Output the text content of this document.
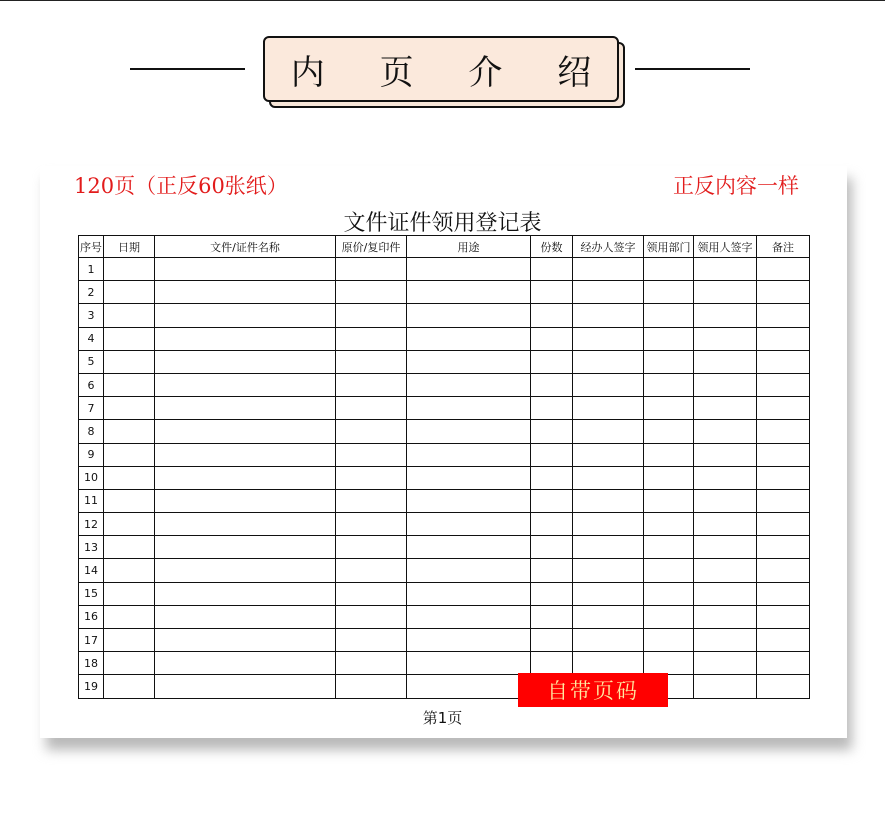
内 页 介 绍
120页（正反60张纸）	正反内容一样
文件证件领用登记表
序号	日期	文件/证件名称	原价/复印件	用途	份数	经办人签字	领用部门	领用人签字	备注
1									
2									
3									
4									
5									
6									
7									
8									
9									
10									
11									
12									
13									
14									
15									
16									
17									
18									
19										自带页码
第1页
